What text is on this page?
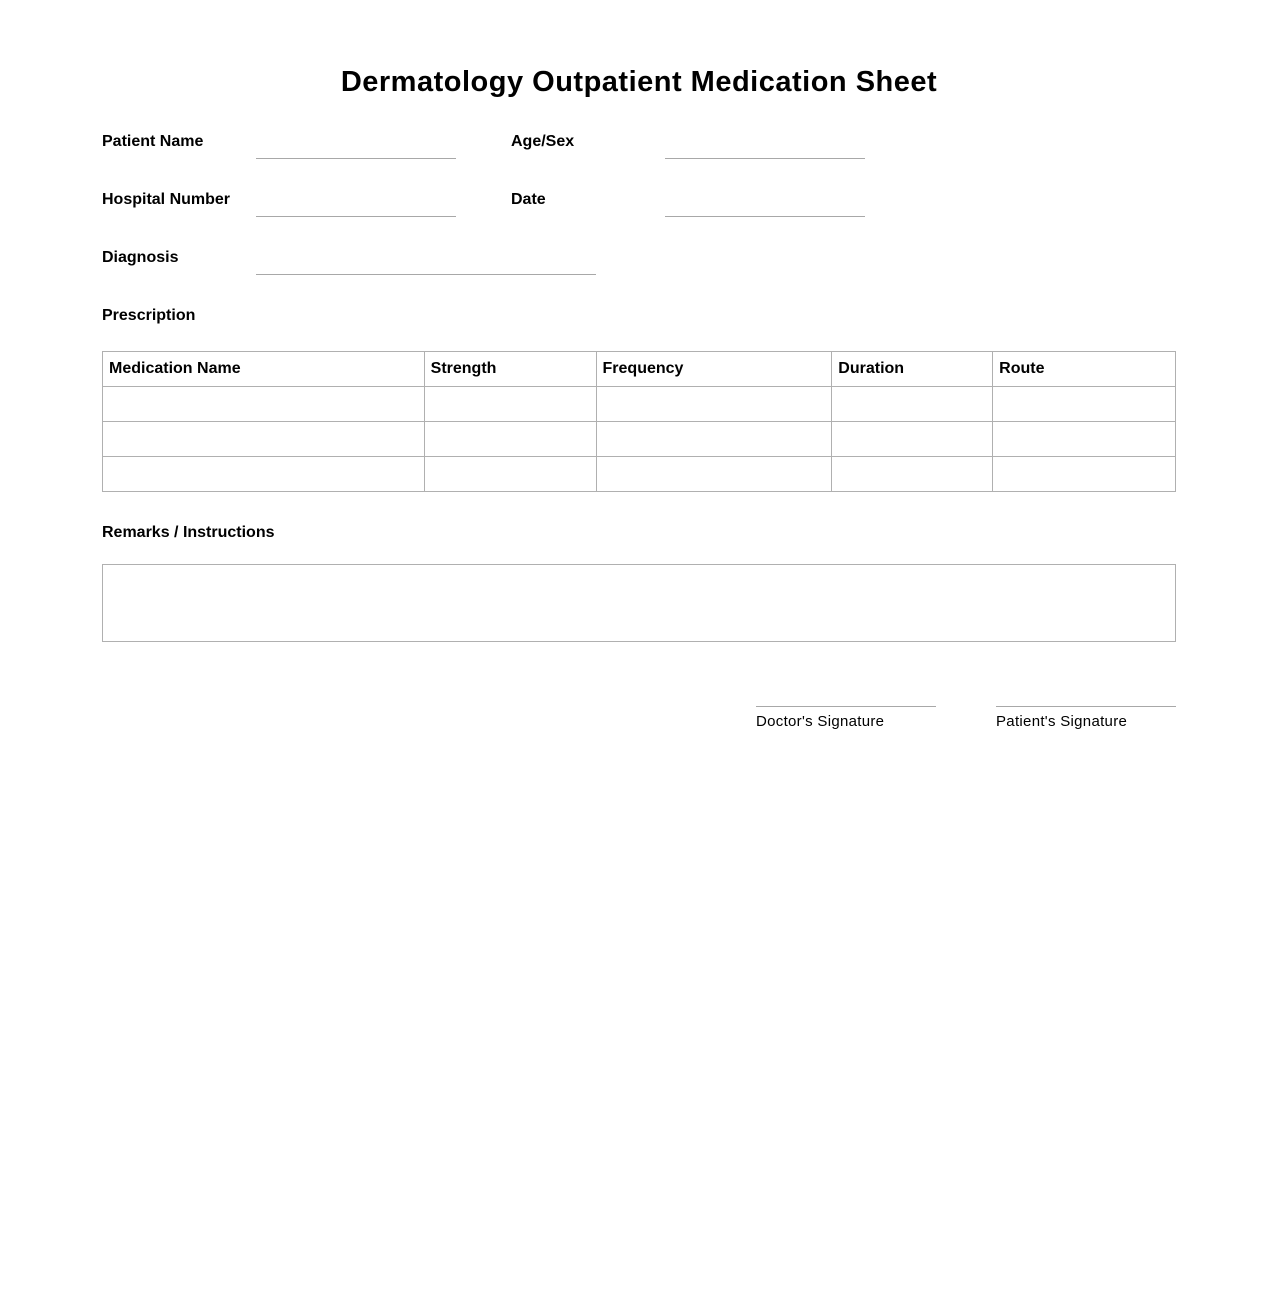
Dermatology Outpatient Medication Sheet
Patient Name	Age/Sex
Hospital Number	Date
Diagnosis
Prescription
Medication Name	Strength	Frequency	Duration	Route

Remarks / Instructions
Doctor's Signature	Patient's Signature
